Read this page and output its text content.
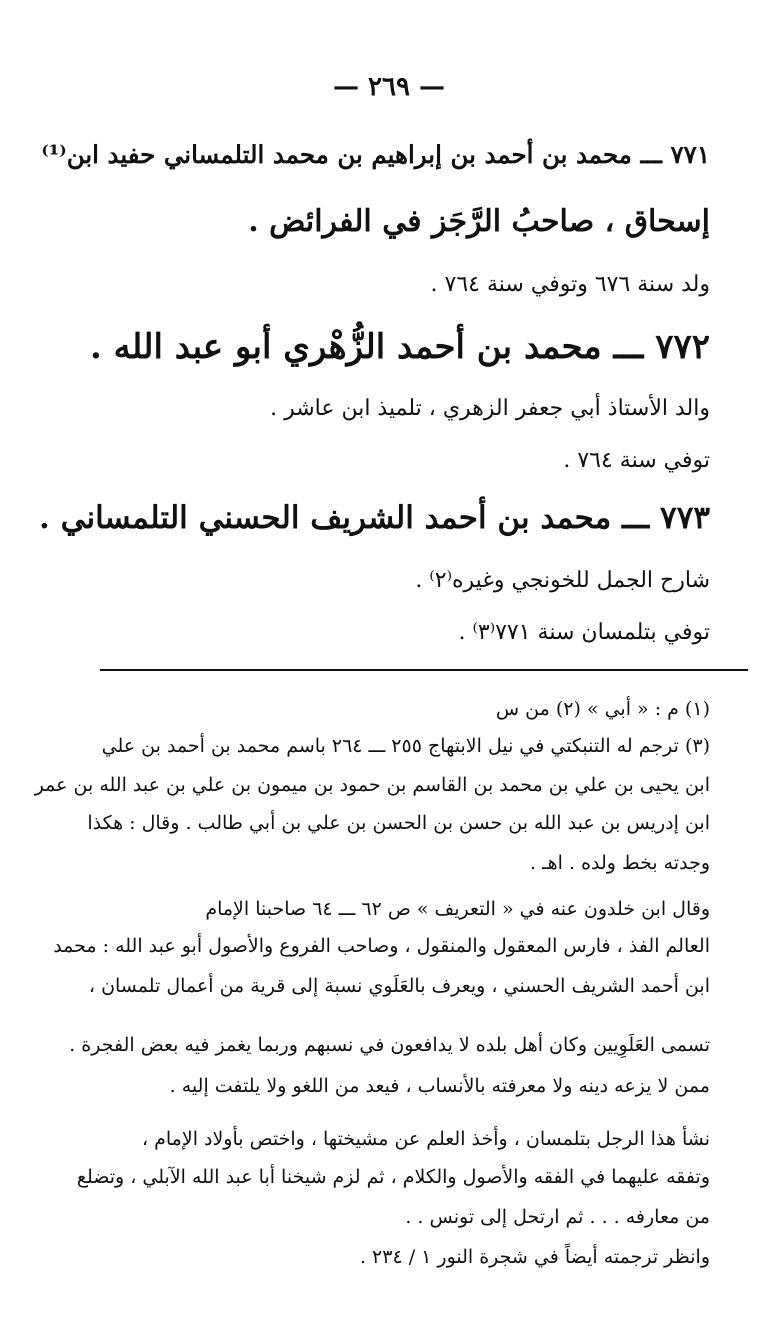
— ٢٦٩ —
٧٧١ ـــ محمد بن أحمد بن إبراهيم بن محمد التلمساني حفيد ابن⁽¹⁾
إسحاق ، صاحبُ الرَّجَز في الفرائض .
ولد سنة ٦٧٦ وتوفي سنة ٧٦٤ .
٧٧٢ ـــ محمد بن أحمد الزُّهْري أبو عبد الله .
والد الأستاذ أبي جعفر الزهري ، تلميذ ابن عاشر .
توفي سنة ٧٦٤ .
٧٧٣ ـــ محمد بن أحمد الشريف الحسني التلمساني .
شارح الجمل للخونجي وغيره⁽٢⁾ .
توفي بتلمسان سنة ٧٧١⁽٣⁾ .
(١) م : « أبي » (٢) من س
(٣) ترجم له التنبكتي في نيل الابتهاج ٢٥٥ ـــ ٢٦٤ باسم محمد بن أحمد بن علي
ابن يحيى بن علي بن محمد بن القاسم بن حمود بن ميمون بن علي بن عبد الله بن عمر
ابن إدريس بن عبد الله بن حسن بن الحسن بن علي بن أبي طالب . وقال : هكذا
وجدته بخط ولده . اهـ .
وقال ابن خلدون عنه في « التعريف » ص ٦٢ ـــ ٦٤ صاحبنا الإمام
العالم الفذ ، فارس المعقول والمنقول ، وصاحب الفروع والأصول أبو عبد الله : محمد
ابن أحمد الشريف الحسني ، ويعرف بالعَلَوي نسبة إلى قرية من أعمال تلمسان ،
تسمى العَلَوِيين وكان أهل بلده لا يدافعون في نسبهم وربما يغمز فيه بعض الفجرة .
ممن لا يزعه دينه ولا معرفته بالأنساب ، فيعد من اللغو ولا يلتفت إليه .
نشأ هذا الرجل بتلمسان ، وأخذ العلم عن مشيختها ، واختص بأولاد الإمام ،
وتفقه عليهما في الفقه والأصول والكلام ، ثم لزم شيخنا أبا عبد الله الآبلي ، وتضلع
من معارفه . . . ثم ارتحل إلى تونس . .
وانظر ترجمته أيضاً في شجرة النور ١ / ٢٣٤ .
